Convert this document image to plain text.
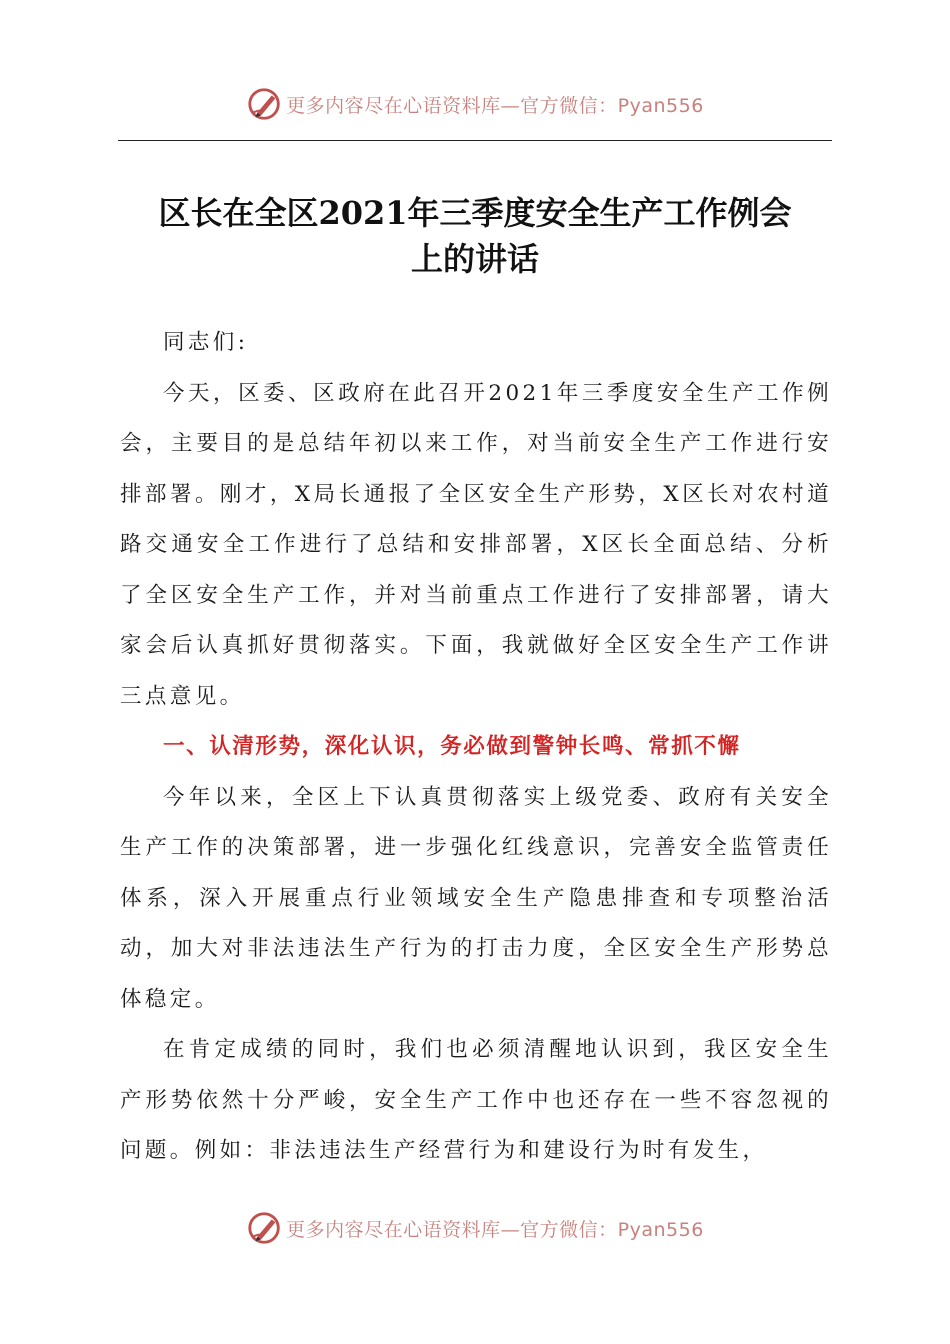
更多内容尽在心语资料库—官方微信：Pyan556
区长在全区2021年三季度安全生产工作例会
上的讲话

同志们:

今天，区委、区政府在此召开2021年三季度安全生产工作例会，主要目的是总结年初以来工作，对当前安全生产工作进行安排部署。刚才，X局长通报了全区安全生产形势，X区长对农村道路交通安全工作进行了总结和安排部署，X区长全面总结、分析了全区安全生产工作，并对当前重点工作进行了安排部署，请大家会后认真抓好贯彻落实。下面，我就做好全区安全生产工作讲三点意见。

一、认清形势，深化认识，务必做到警钟长鸣、常抓不懈

今年以来，全区上下认真贯彻落实上级党委、政府有关安全生产工作的决策部署，进一步强化红线意识，完善安全监管责任体系，深入开展重点行业领域安全生产隐患排查和专项整治活动，加大对非法违法生产行为的打击力度，全区安全生产形势总体稳定。

在肯定成绩的同时，我们也必须清醒地认识到，我区安全生产形势依然十分严峻，安全生产工作中也还存在一些不容忽视的问题。例如：非法违法生产经营行为和建设行为时有发生，

更多内容尽在心语资料库—官方微信：Pyan556
